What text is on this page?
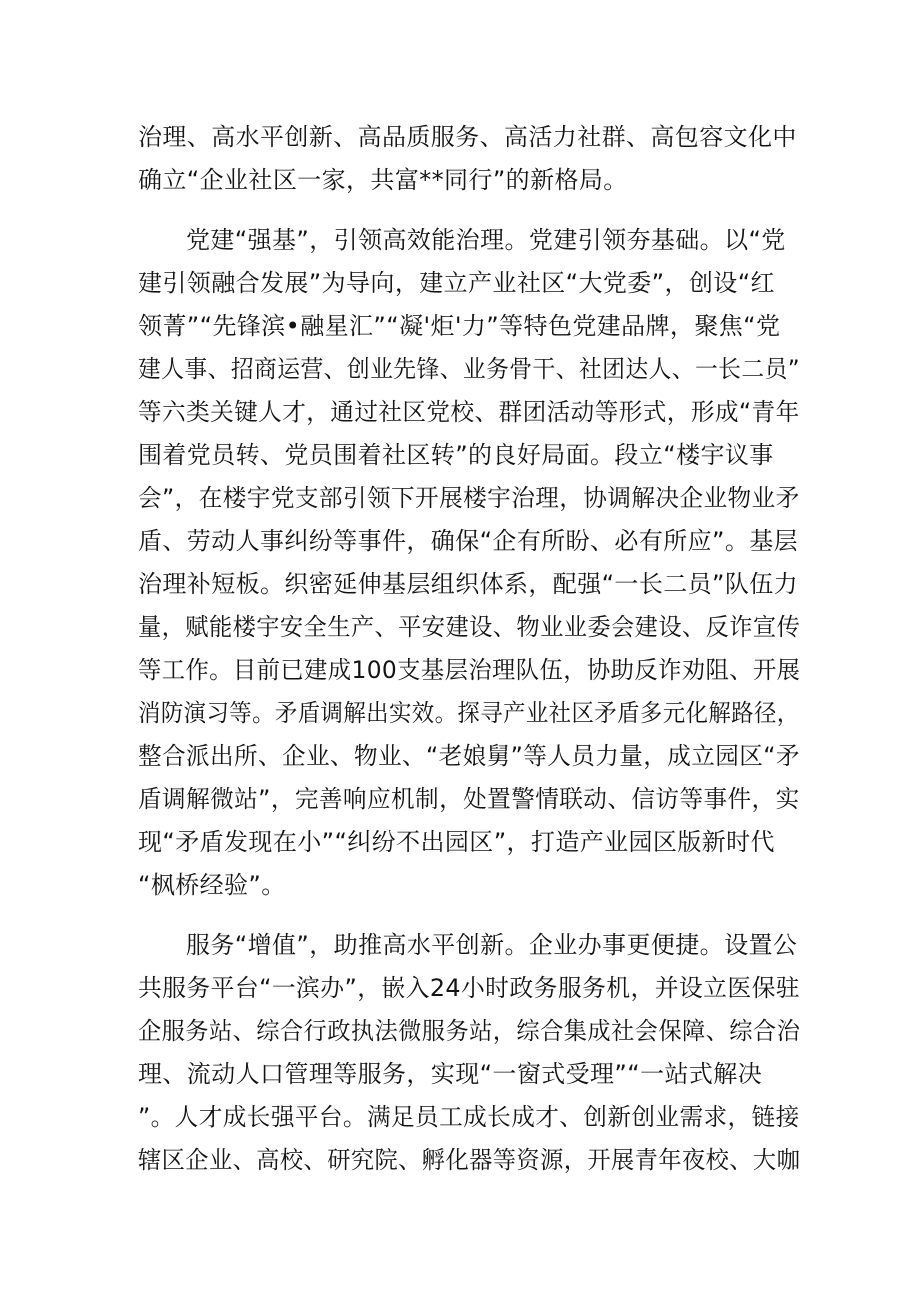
治理、高水平创新、高品质服务、高活力社群、高包容文化中
确立“企业社区一家，共富**同行”的新格局。
党建“强基”，引领高效能治理。党建引领夯基础。以“党
建引领融合发展”为导向，建立产业社区“大党委”，创设“红
领菁”“先锋滨•融星汇”“凝'炬'力”等特色党建品牌，聚焦“党
建人事、招商运营、创业先锋、业务骨干、社团达人、一长二员”
等六类关键人才，通过社区党校、群团活动等形式，形成“青年
围着党员转、党员围着社区转”的良好局面。段立“楼宇议事
会”，在楼宇党支部引领下开展楼宇治理，协调解决企业物业矛
盾、劳动人事纠纷等事件，确保“企有所盼、必有所应”。基层
治理补短板。织密延伸基层组织体系，配强“一长二员”队伍力
量，赋能楼宇安全生产、平安建设、物业业委会建设、反诈宣传
等工作。目前已建成100支基层治理队伍，协助反诈劝阻、开展
消防演习等。矛盾调解出实效。探寻产业社区矛盾多元化解路径，
整合派出所、企业、物业、“老娘舅”等人员力量，成立园区“矛
盾调解微站”，完善响应机制，处置警情联动、信访等事件，实
现“矛盾发现在小”“纠纷不出园区”，打造产业园区版新时代
“枫桥经验”。
服务“增值”，助推高水平创新。企业办事更便捷。设置公
共服务平台“一滨办”，嵌入24小时政务服务机，并设立医保驻
企服务站、综合行政执法微服务站，综合集成社会保障、综合治
理、流动人口管理等服务，实现“一窗式受理”“一站式解决
”。人才成长强平台。满足员工成长成才、创新创业需求，链接
辖区企业、高校、研究院、孵化器等资源，开展青年夜校、大咖
